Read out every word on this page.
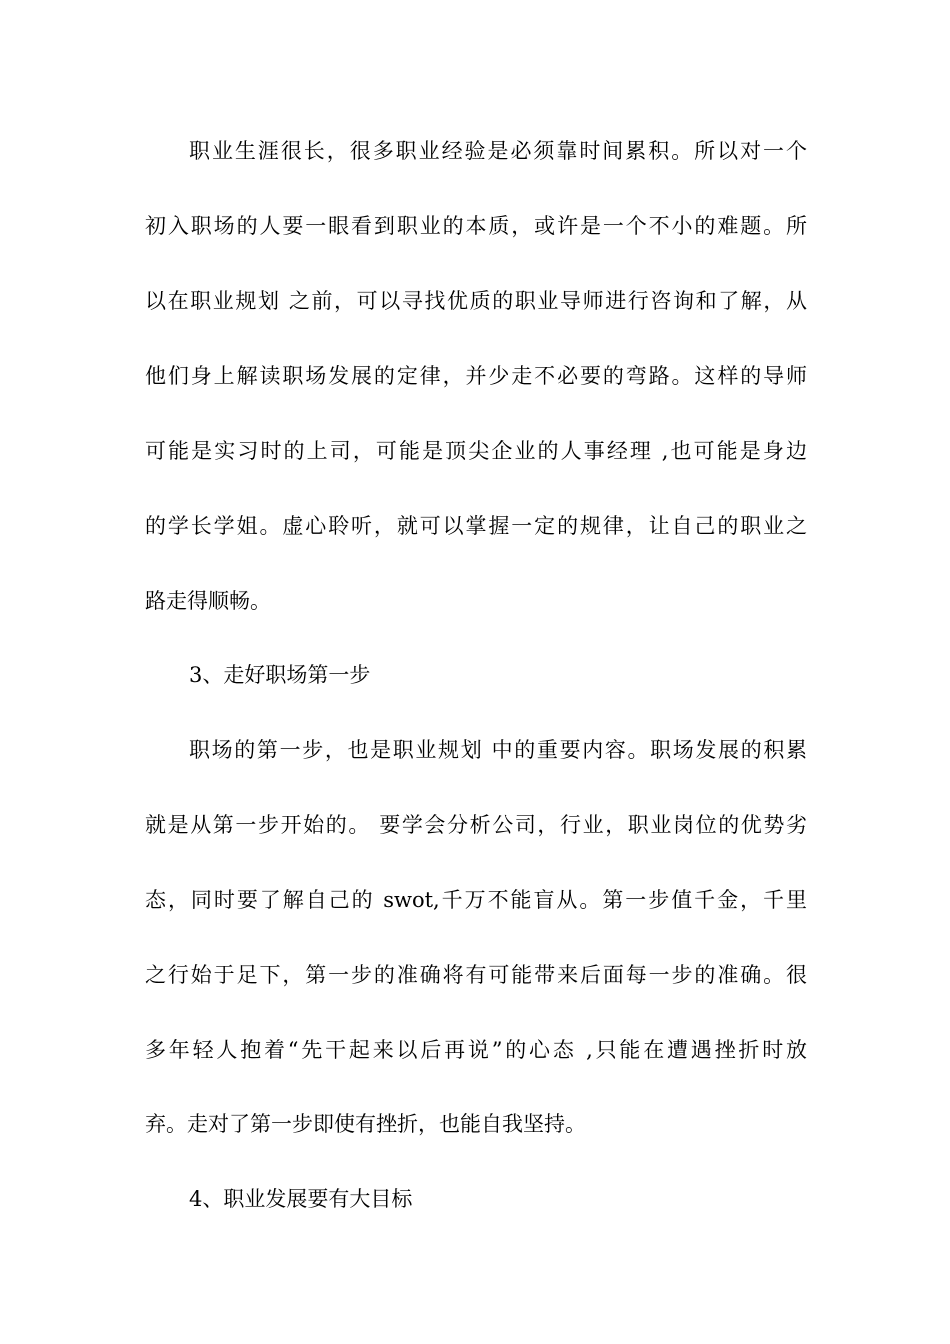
职业生涯很长，很多职业经验是必须靠时间累积。所以对一个
初入职场的人要一眼看到职业的本质，或许是一个不小的难题。所
以在职业规划 之前，可以寻找优质的职业导师进行咨询和了解，从
他们身上解读职场发展的定律，并少走不必要的弯路。这样的导师
可能是实习时的上司，可能是顶尖企业的人事经理 ,也可能是身边
的学长学姐。虚心聆听，就可以掌握一定的规律，让自己的职业之
路走得顺畅。
3、走好职场第一步
职场的第一步，也是职业规划 中的重要内容。职场发展的积累
就是从第一步开始的。 要学会分析公司，行业，职业岗位的优势劣
态，同时要了解自己的 swot,千万不能盲从。第一步值千金，千里
之行始于足下，第一步的准确将有可能带来后面每一步的准确。很
多年轻人抱着“先干起来以后再说”的心态 ,只能在遭遇挫折时放
弃。走对了第一步即使有挫折，也能自我坚持。
4、职业发展要有大目标
